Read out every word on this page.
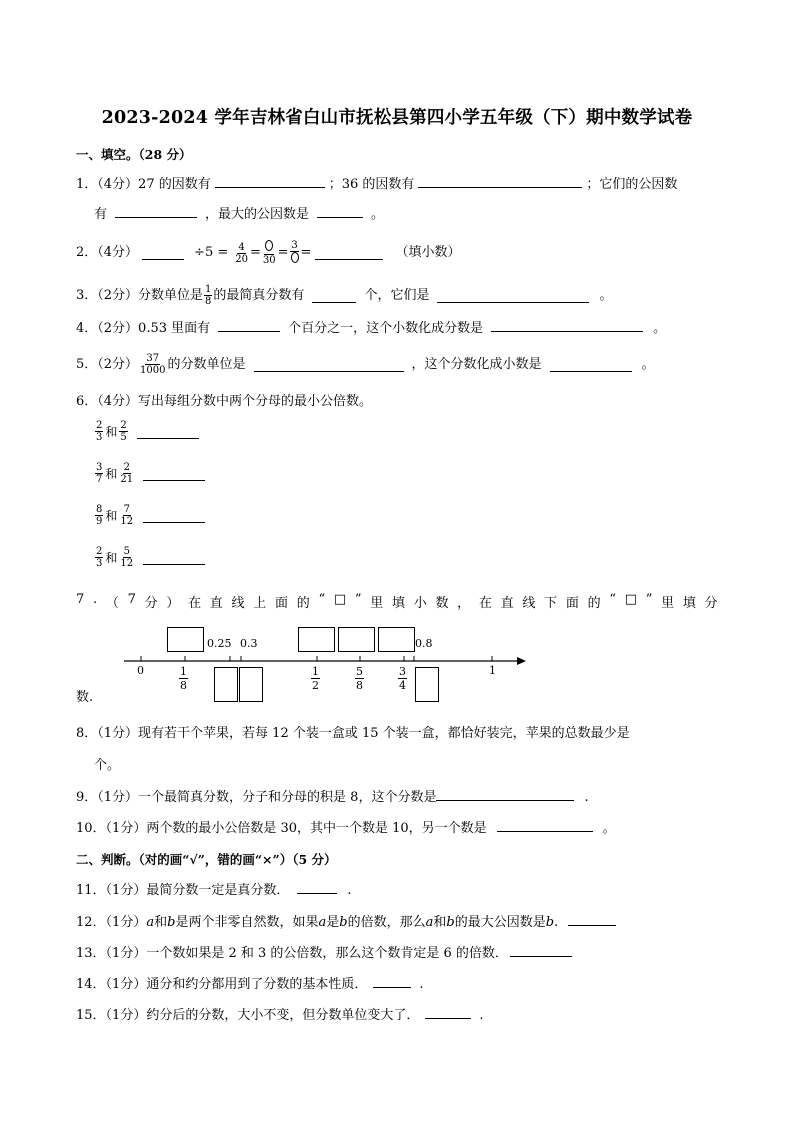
2023-2024 学年吉林省白山市抚松县第四小学五年级（下）期中数学试卷
一、填空。（28 分）
1．（4分）27 的因数有	；36 的因数有	；它们的公因数
有	，最大的公因数是	。
2．（4分）	$\div 5 = \frac{4}{20}$ =
30
= 3 =	（填小数）
3．（2分）分数单位是 $\frac{1}{8}$ 的最简真分数有	个，它们是	。
4．（2分）0.53 里面有	个百分之一，这个小数化成分数是	。
5．（2分） $\frac{37}{1000}$ 的分数单位是	，这个分数化成小数是	。
6．（4分）写出每组分数中两个分母的最小公倍数。
$\frac{2}{3}$ 和 $\frac{2}{5}$
$\frac{3}{7}$ 和 $\frac{2}{21}$
$\frac{8}{9}$ 和 $\frac{7}{12}$
$\frac{2}{3}$ 和 $\frac{5}{12}$
7 . （ 7 分 ） 在 直 线 上 面 的 “ □ ” 里 填 小 数 ， 在 直 线 下 面 的 “ □ ” 里 填 分
0.25 0.3	0.8
0	1
1
8
1
2
5
8
3
4
数.
8．（1分）现有若干个苹果，若每 12 个装一盒或 15 个装一盒，都恰好装完，苹果的总数最少是
个。
9．（1分）一个最简真分数，分子和分母的积是 8，这个分数是	.
10．（1分）两个数的最小公倍数是 30，其中一个数是 10，另一个数是	。
二、判断。（对的画“√”，错的画“×”）（5 分）
11．（1分）最简分数一定是真分数．	.
12．（1分）a和b是两个非零自然数，如果a是b的倍数，那么a和b的最大公因数是b.
13．（1分）一个数如果是 2 和 3 的公倍数，那么这个数肯定是 6 的倍数．
14．（1分）通分和约分都用到了分数的基本性质．	.
15．（1分）约分后的分数，大小不变，但分数单位变大了．	.
